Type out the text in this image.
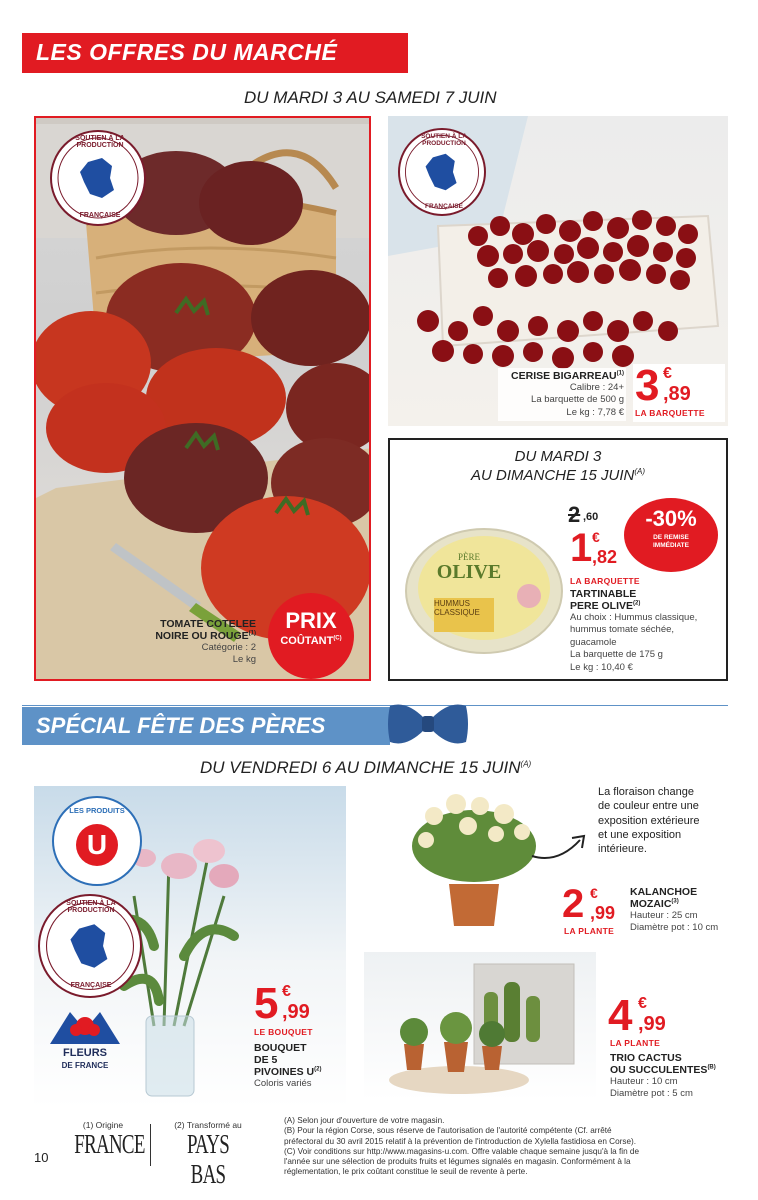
LES OFFRES DU MARCHÉ
DU MARDI 3 AU SAMEDI 7 JUIN
SOUTIEN À LA PRODUCTION
FRANÇAISE
TOMATE COTELEE
NOIRE OU ROUGE$^{(1)}$
Catégorie : 2
Le kg
PRIX
$COÛTANT^{(C)}$
SOUTIEN À LA PRODUCTION
FRANÇAISE
CERISE BIGARREAU$^{(1)}$
Calibre : 24+
La barquette de 500 g
Le kg : 7,78 €
3 €
,89
LA BARQUETTE
DU MARDI 3
AU DIMANCHE 15 $JUIN^{(A)}$
PÈRE
OLIVE
HUMMUS
CLASSIQUE
2 ,60
1 €
,82
LA BARQUETTE
-30%
DE REMISE
IMMÉDIATE
TARTINABLE
PERE OLIVE$^{(2)}$
Au choix : Hummus classique,
hummus tomate séchée,
guacamole
La barquette de 175 g
Le kg : 10,40 €
SPÉCIAL FÊTE DES PÈRES
DU VENDREDI 6 AU DIMANCHE 15 $JUIN^{(A)}$
LES PRODUITS
U
SOUTIEN À LA PRODUCTION
FRANÇAISE
FLEURS
DE FRANCE
5 €
,99
LE BOUQUET
BOUQUET
DE 5
PIVOINES $U^{(2)}$
Coloris variés
La floraison change
de couleur entre une
exposition extérieure
et une exposition
intérieure.
2 €
,99
LA PLANTE
KALANCHOE
MOZAIC$^{(3)}$
Hauteur : 25 cm
Diamètre pot : 10 cm
4 €
,99
LA PLANTE
TRIO CACTUS
OU $SUCCULENTES^{(B)}$
Hauteur : 10 cm
Diamètre pot : 5 cm
(1) Origine
FRANCE
(2) Transformé au
PAYS BAS
10
(A) Selon jour d'ouverture de votre magasin.
(B) Pour la région Corse, sous réserve de l'autorisation de l'autorité compétente (Cf. arrêté
préfectoral du 30 avril 2015 relatif à la prévention de l'introduction de Xylella fastidiosa en Corse).
(C) Voir conditions sur http://www.magasins-u.com. Offre valable chaque semaine jusqu'à la fin de
l'année sur une sélection de produits fruits et légumes signalés en magasin. Conformément à la
réglementation, le prix coûtant constitue le seuil de revente à perte.
